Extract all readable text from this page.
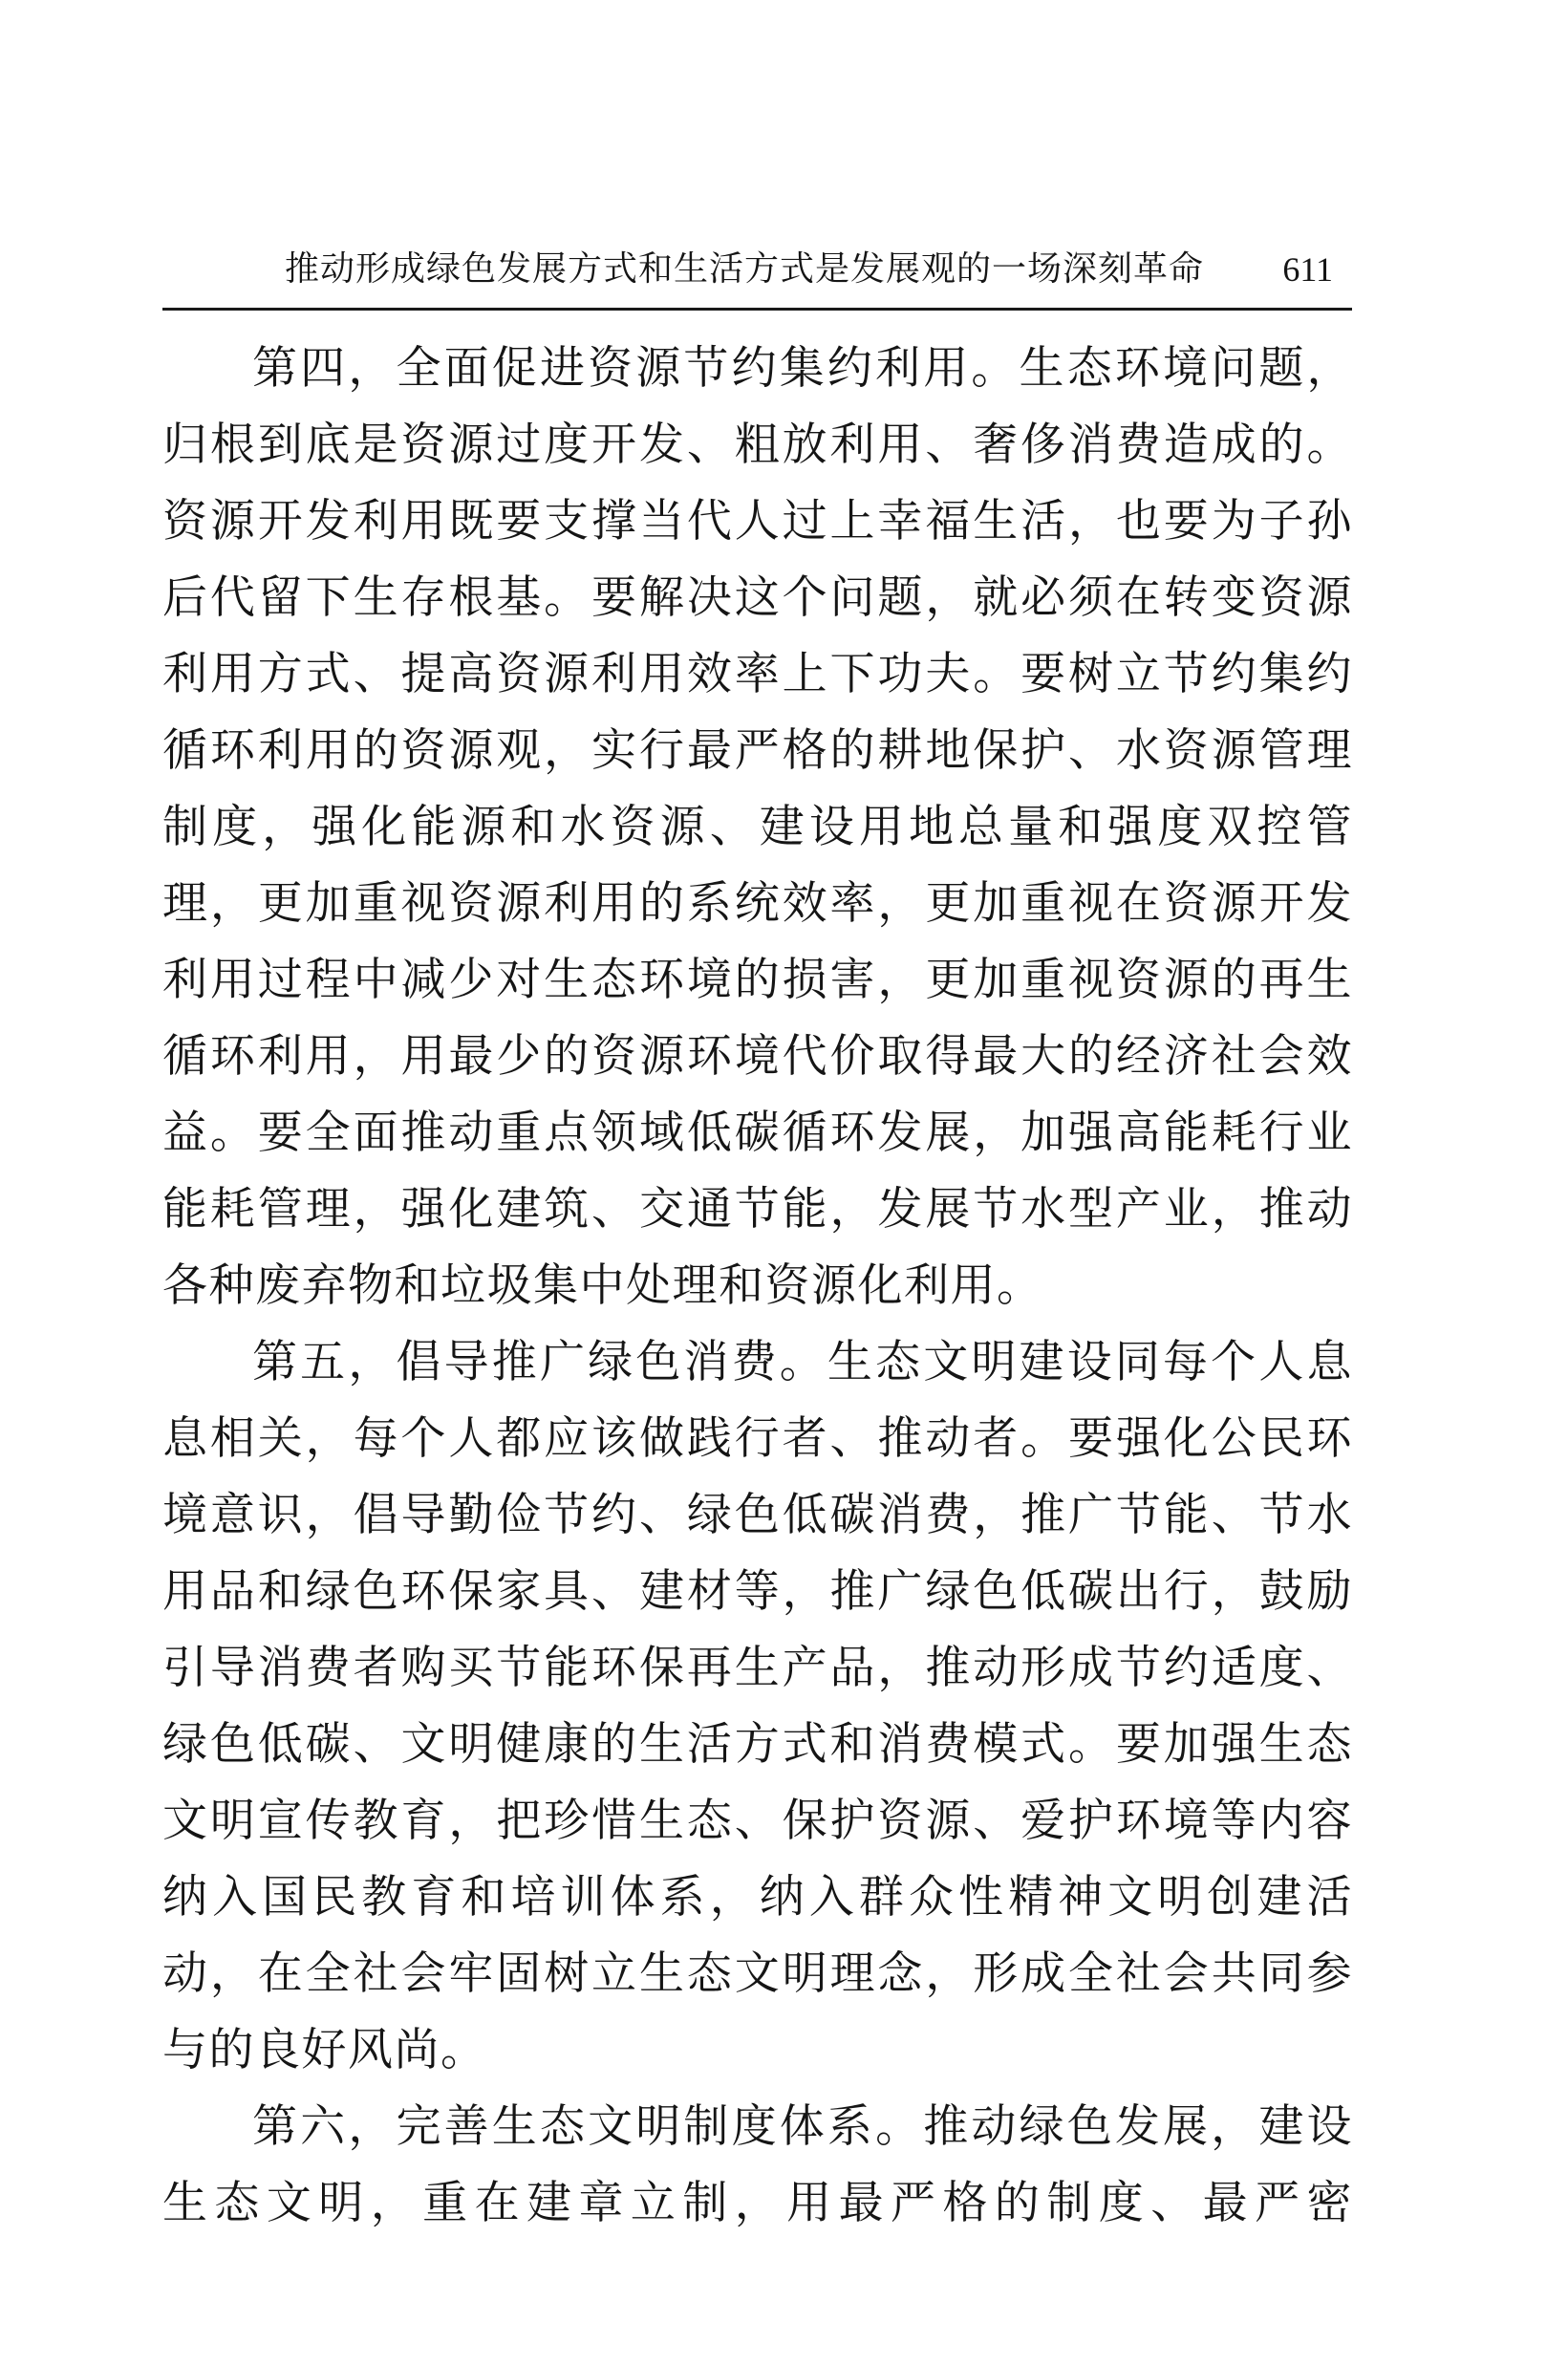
推动形成绿色发展方式和生活方式是发展观的一场深刻革命 611

第四，全面促进资源节约集约利用。生态环境问题，归根到底是资源过度开发、粗放利用、奢侈消费造成的。资源开发利用既要支撑当代人过上幸福生活，也要为子孙后代留下生存根基。要解决这个问题，就必须在转变资源利用方式、提高资源利用效率上下功夫。要树立节约集约循环利用的资源观，实行最严格的耕地保护、水资源管理制度，强化能源和水资源、建设用地总量和强度双控管理，更加重视资源利用的系统效率，更加重视在资源开发利用过程中减少对生态环境的损害，更加重视资源的再生循环利用，用最少的资源环境代价取得最大的经济社会效益。要全面推动重点领域低碳循环发展，加强高能耗行业能耗管理，强化建筑、交通节能，发展节水型产业，推动各种废弃物和垃圾集中处理和资源化利用。

第五，倡导推广绿色消费。生态文明建设同每个人息息相关，每个人都应该做践行者、推动者。要强化公民环境意识，倡导勤俭节约、绿色低碳消费，推广节能、节水用品和绿色环保家具、建材等，推广绿色低碳出行，鼓励引导消费者购买节能环保再生产品，推动形成节约适度、绿色低碳、文明健康的生活方式和消费模式。要加强生态文明宣传教育，把珍惜生态、保护资源、爱护环境等内容纳入国民教育和培训体系，纳入群众性精神文明创建活动，在全社会牢固树立生态文明理念，形成全社会共同参与的良好风尚。

第六，完善生态文明制度体系。推动绿色发展，建设生态文明，重在建章立制，用最严格的制度、最严密
